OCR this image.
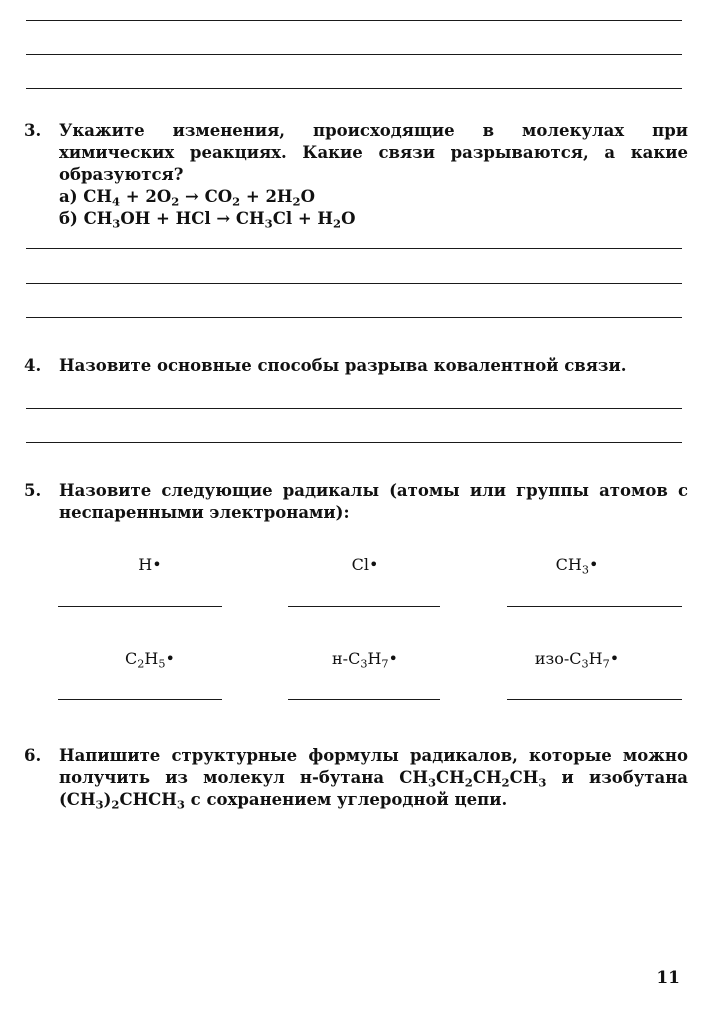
3. Укажите изменения, происходящие в молекулах при химических реакциях. Какие связи разрываются, а какие образуются?
а) $CH_4 + 2O_2 \to CO_2 + 2H_2O$
б) $CH_3OH$ + HCl → $CH_3Cl + H_2O$
4. Назовите основные способы разрыва ковалентной связи.
5. Назовите следующие радикалы (атомы или группы атомов с неспаренными электронами):
H•	Cl•	$CH_3•$
$C_2H_5•$	$н-C_3H_7•$	изо-$C_3H_7•$
6. Напишите структурные формулы радикалов, которые можно получить из молекул н-бутана $CH_3CH_2CH_2CH_3$ и изобутана $(CH_3)_2CHCH_3$ с сохранением углеродной цепи.
11
